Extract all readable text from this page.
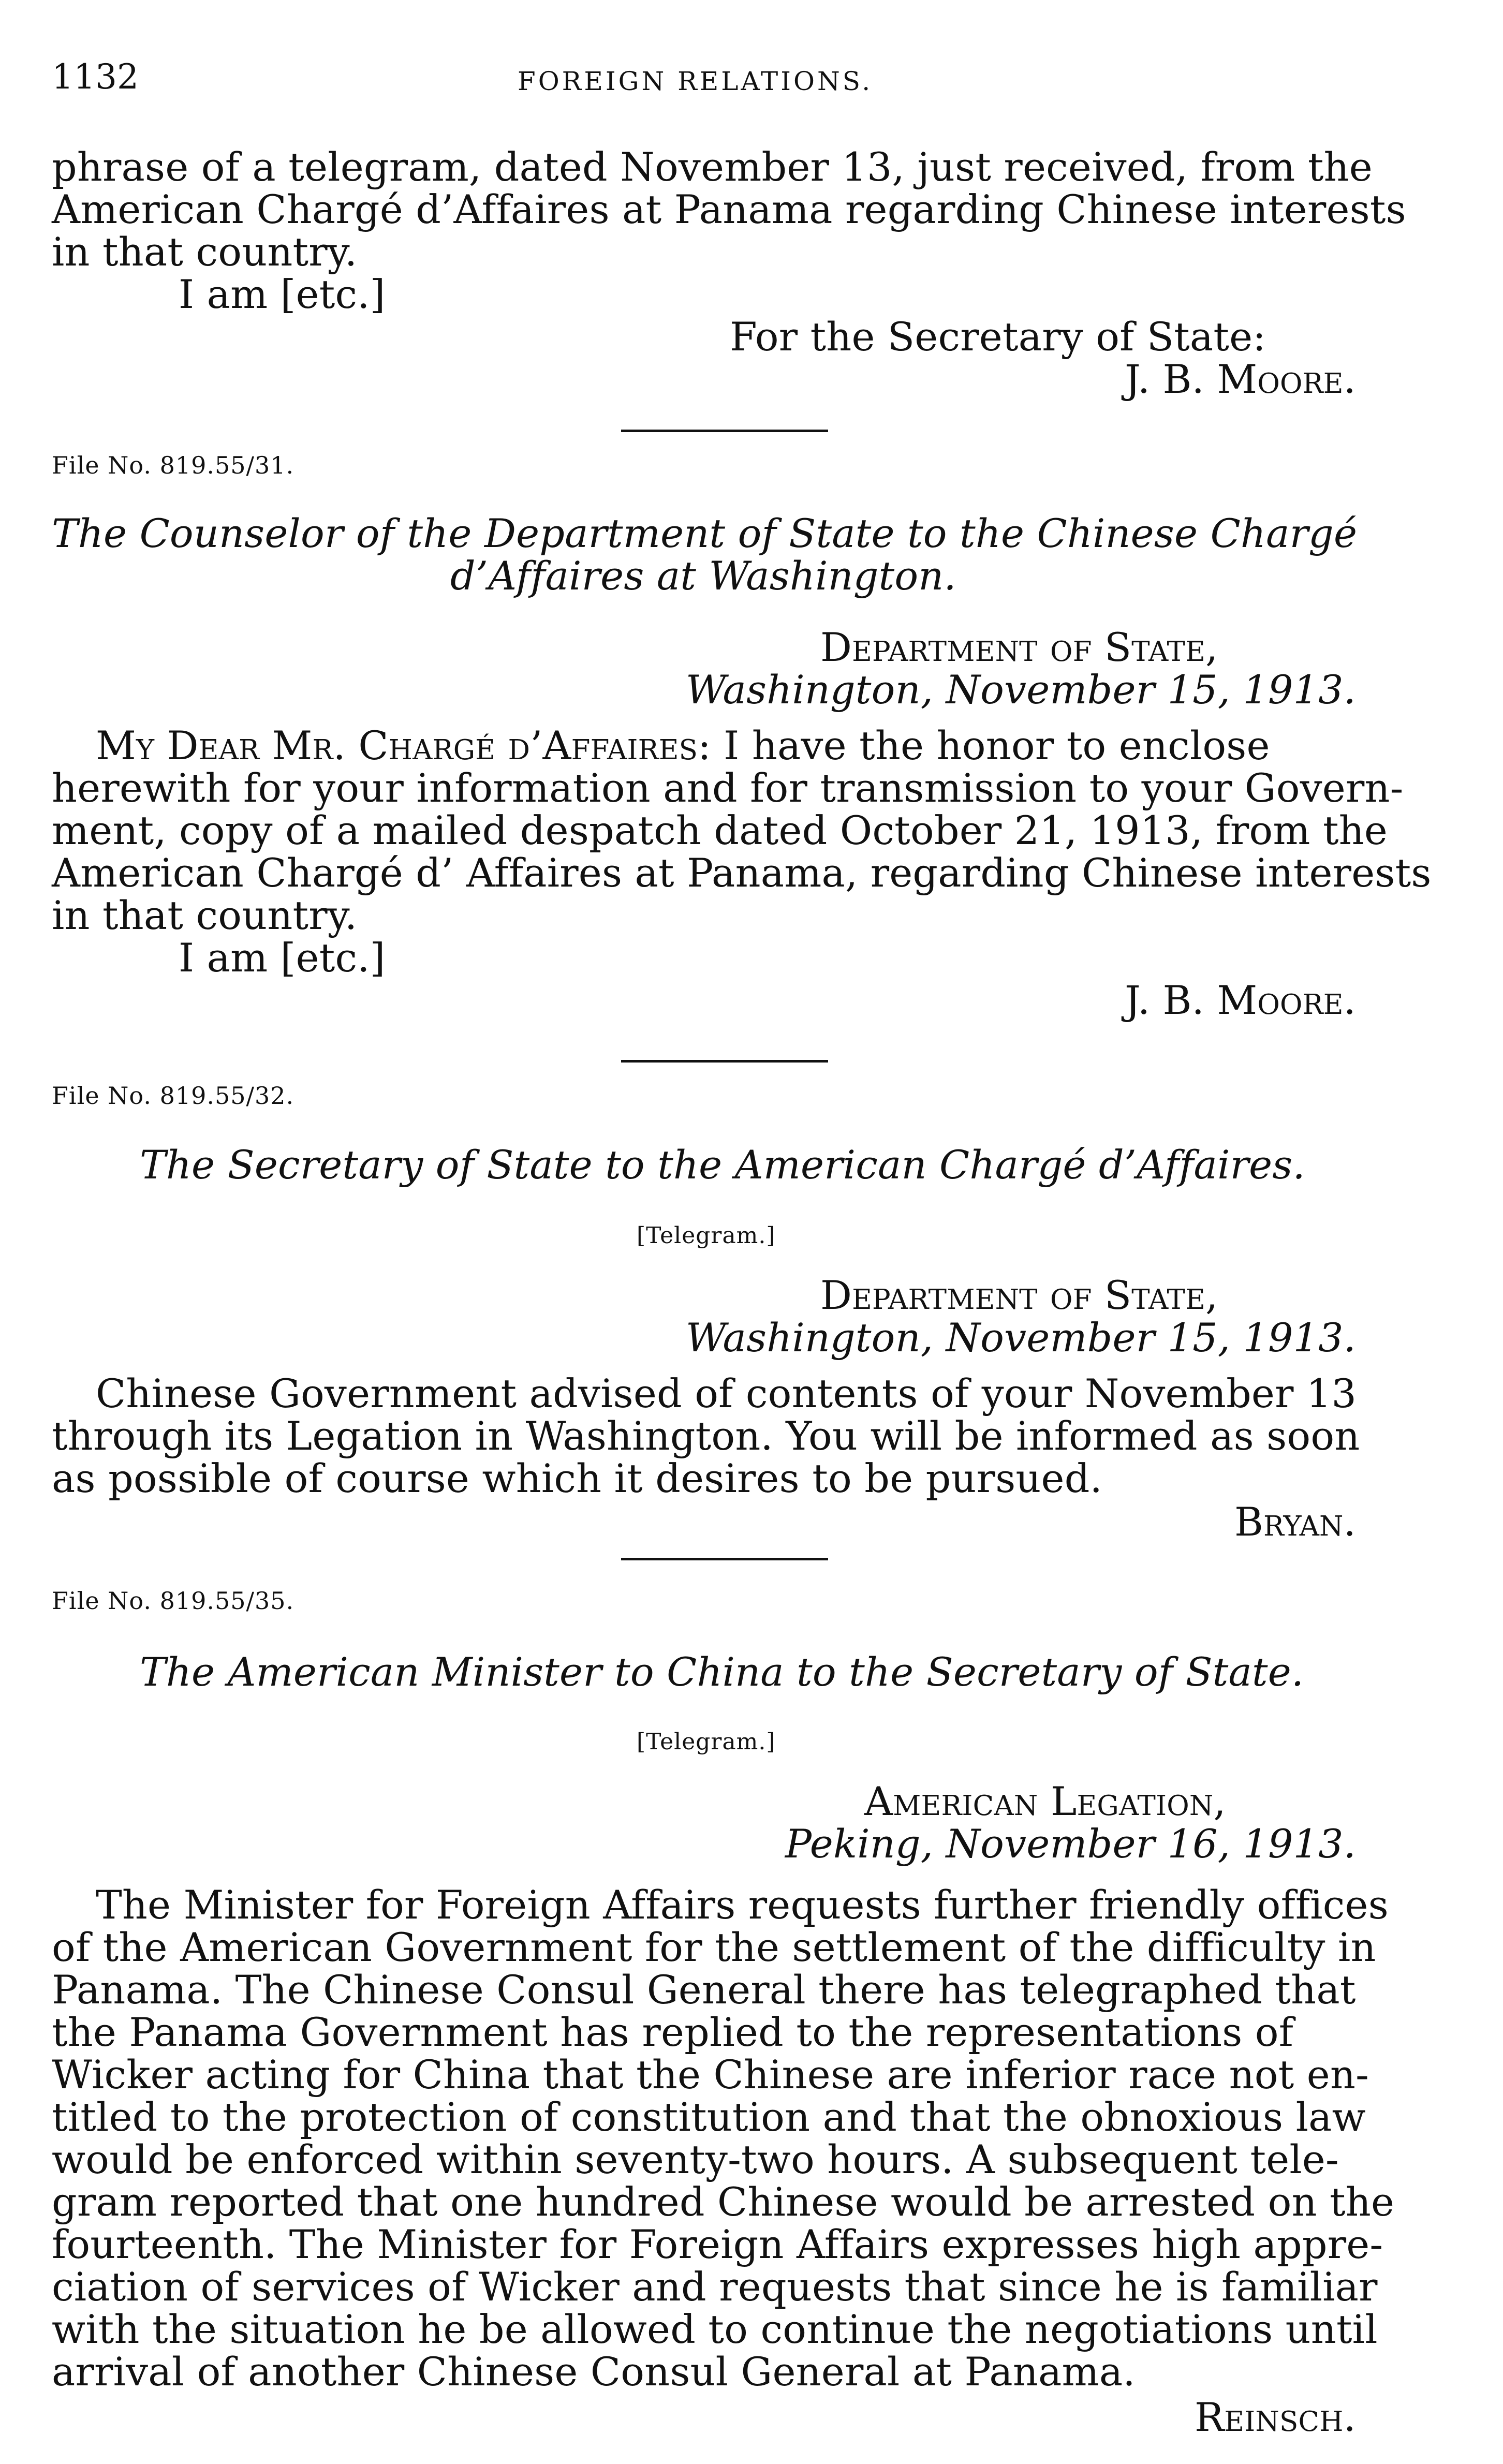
1132	FOREIGN RELATIONS.
phrase of a telegram, dated November 13, just received, from the
American Chargé d’Affaires at Panama regarding Chinese interests
in that country.
I am [etc.]
For the Secretary of State:
J. B. Moore.
File No. 819.55/31.
The Counselor of the Department of State to the Chinese Chargé
d’Affaires at Washington.
Department of State,
Washington, November 15, 1913.
My Dear Mr. Chargé d’Affaires: I have the honor to enclose
herewith for your information and for transmission to your Govern-
ment, copy of a mailed despatch dated October 21, 1913, from the
American Chargé d’ Affaires at Panama, regarding Chinese interests
in that country.
I am [etc.]
J. B. Moore.
File No. 819.55/32.
The Secretary of State to the American Chargé d’Affaires.
[Telegram.]
Department of State,
Washington, November 15, 1913.
Chinese Government advised of contents of your November 13
through its Legation in Washington. You will be informed as soon
as possible of course which it desires to be pursued.
Bryan.
File No. 819.55/35.
The American Minister to China to the Secretary of State.
[Telegram.]
American Legation,
Peking, November 16, 1913.
The Minister for Foreign Affairs requests further friendly offices
of the American Government for the settlement of the difficulty in
Panama. The Chinese Consul General there has telegraphed that
the Panama Government has replied to the representations of
Wicker acting for China that the Chinese are inferior race not en-
titled to the protection of constitution and that the obnoxious law
would be enforced within seventy-two hours. A subsequent tele-
gram reported that one hundred Chinese would be arrested on the
fourteenth. The Minister for Foreign Affairs expresses high appre-
ciation of services of Wicker and requests that since he is familiar
with the situation he be allowed to continue the negotiations until
arrival of another Chinese Consul General at Panama.
Reinsch.
